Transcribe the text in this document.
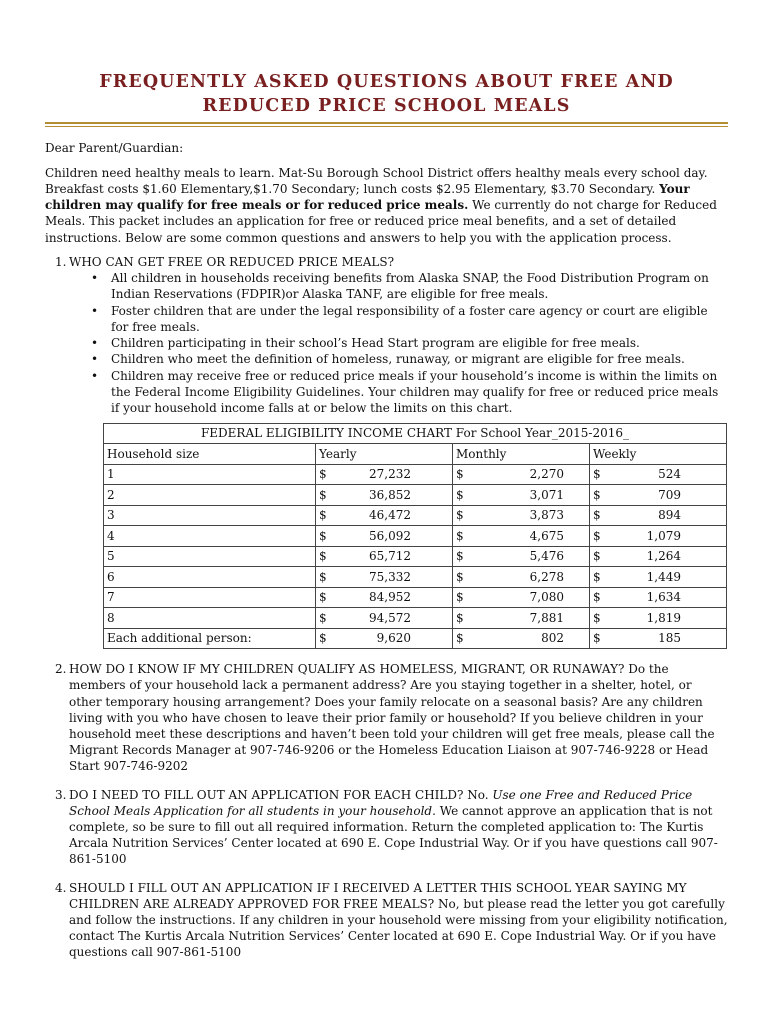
FREQUENTLY ASKED QUESTIONS ABOUT FREE AND
REDUCED PRICE SCHOOL MEALS

Dear Parent/Guardian:

Children need healthy meals to learn. Mat-Su Borough School District offers healthy meals every school day. Breakfast costs $1.60 Elementary,$1.70 Secondary; lunch costs $2.95 Elementary, $3.70 Secondary. Your children may qualify for free meals or for reduced price meals. We currently do not charge for Reduced Meals. This packet includes an application for free or reduced price meal benefits, and a set of detailed instructions. Below are some common questions and answers to help you with the application process.

1. WHO CAN GET FREE OR REDUCED PRICE MEALS?
• All children in households receiving benefits from Alaska SNAP, the Food Distribution Program on Indian Reservations (FDPIR)or Alaska TANF, are eligible for free meals.
• Foster children that are under the legal responsibility of a foster care agency or court are eligible for free meals.
• Children participating in their school’s Head Start program are eligible for free meals.
• Children who meet the definition of homeless, runaway, or migrant are eligible for free meals.
• Children may receive free or reduced price meals if your household’s income is within the limits on the Federal Income Eligibility Guidelines. Your children may qualify for free or reduced price meals if your household income falls at or below the limits on this chart.
FEDERAL ELIGIBILITY INCOME CHART For School Year_2015-2016_			
Household size	Yearly	Monthly	Weekly
1	$ 27,232	$ 2,270	$ 524

2	$ 36,852	$ 3,071	$ 709

3	$ 46,472	$ 3,873	$ 894

4	$ 56,092	$ 4,675	$ 1,079

5	$ 65,712	$ 5,476	$ 1,264

6	$ 75,332	$ 6,278	$ 1,449

7	$ 84,952	$ 7,080	$ 1,634

8	$ 94,572	$ 7,881	$ 1,819

Each additional person:	$ 9,620	$ 802	$ 185
2. HOW DO I KNOW IF MY CHILDREN QUALIFY AS HOMELESS, MIGRANT, OR RUNAWAY? Do the members of your household lack a permanent address? Are you staying together in a shelter, hotel, or other temporary housing arrangement? Does your family relocate on a seasonal basis? Are any children living with you who have chosen to leave their prior family or household? If you believe children in your household meet these descriptions and haven’t been told your children will get free meals, please call the Migrant Records Manager at 907-746-9206 or the Homeless Education Liaison at 907-746-9228 or Head Start 907-746-9202
3. DO I NEED TO FILL OUT AN APPLICATION FOR EACH CHILD? No. Use one Free and Reduced Price School Meals Application for all students in your household. We cannot approve an application that is not complete, so be sure to fill out all required information. Return the completed application to: The Kurtis Arcala Nutrition Services’ Center located at 690 E. Cope Industrial Way. Or if you have questions call 907-861-5100
4. SHOULD I FILL OUT AN APPLICATION IF I RECEIVED A LETTER THIS SCHOOL YEAR SAYING MY CHILDREN ARE ALREADY APPROVED FOR FREE MEALS? No, but please read the letter you got carefully and follow the instructions. If any children in your household were missing from your eligibility notification, contact The Kurtis Arcala Nutrition Services’ Center located at 690 E. Cope Industrial Way. Or if you have questions call 907-861-5100
